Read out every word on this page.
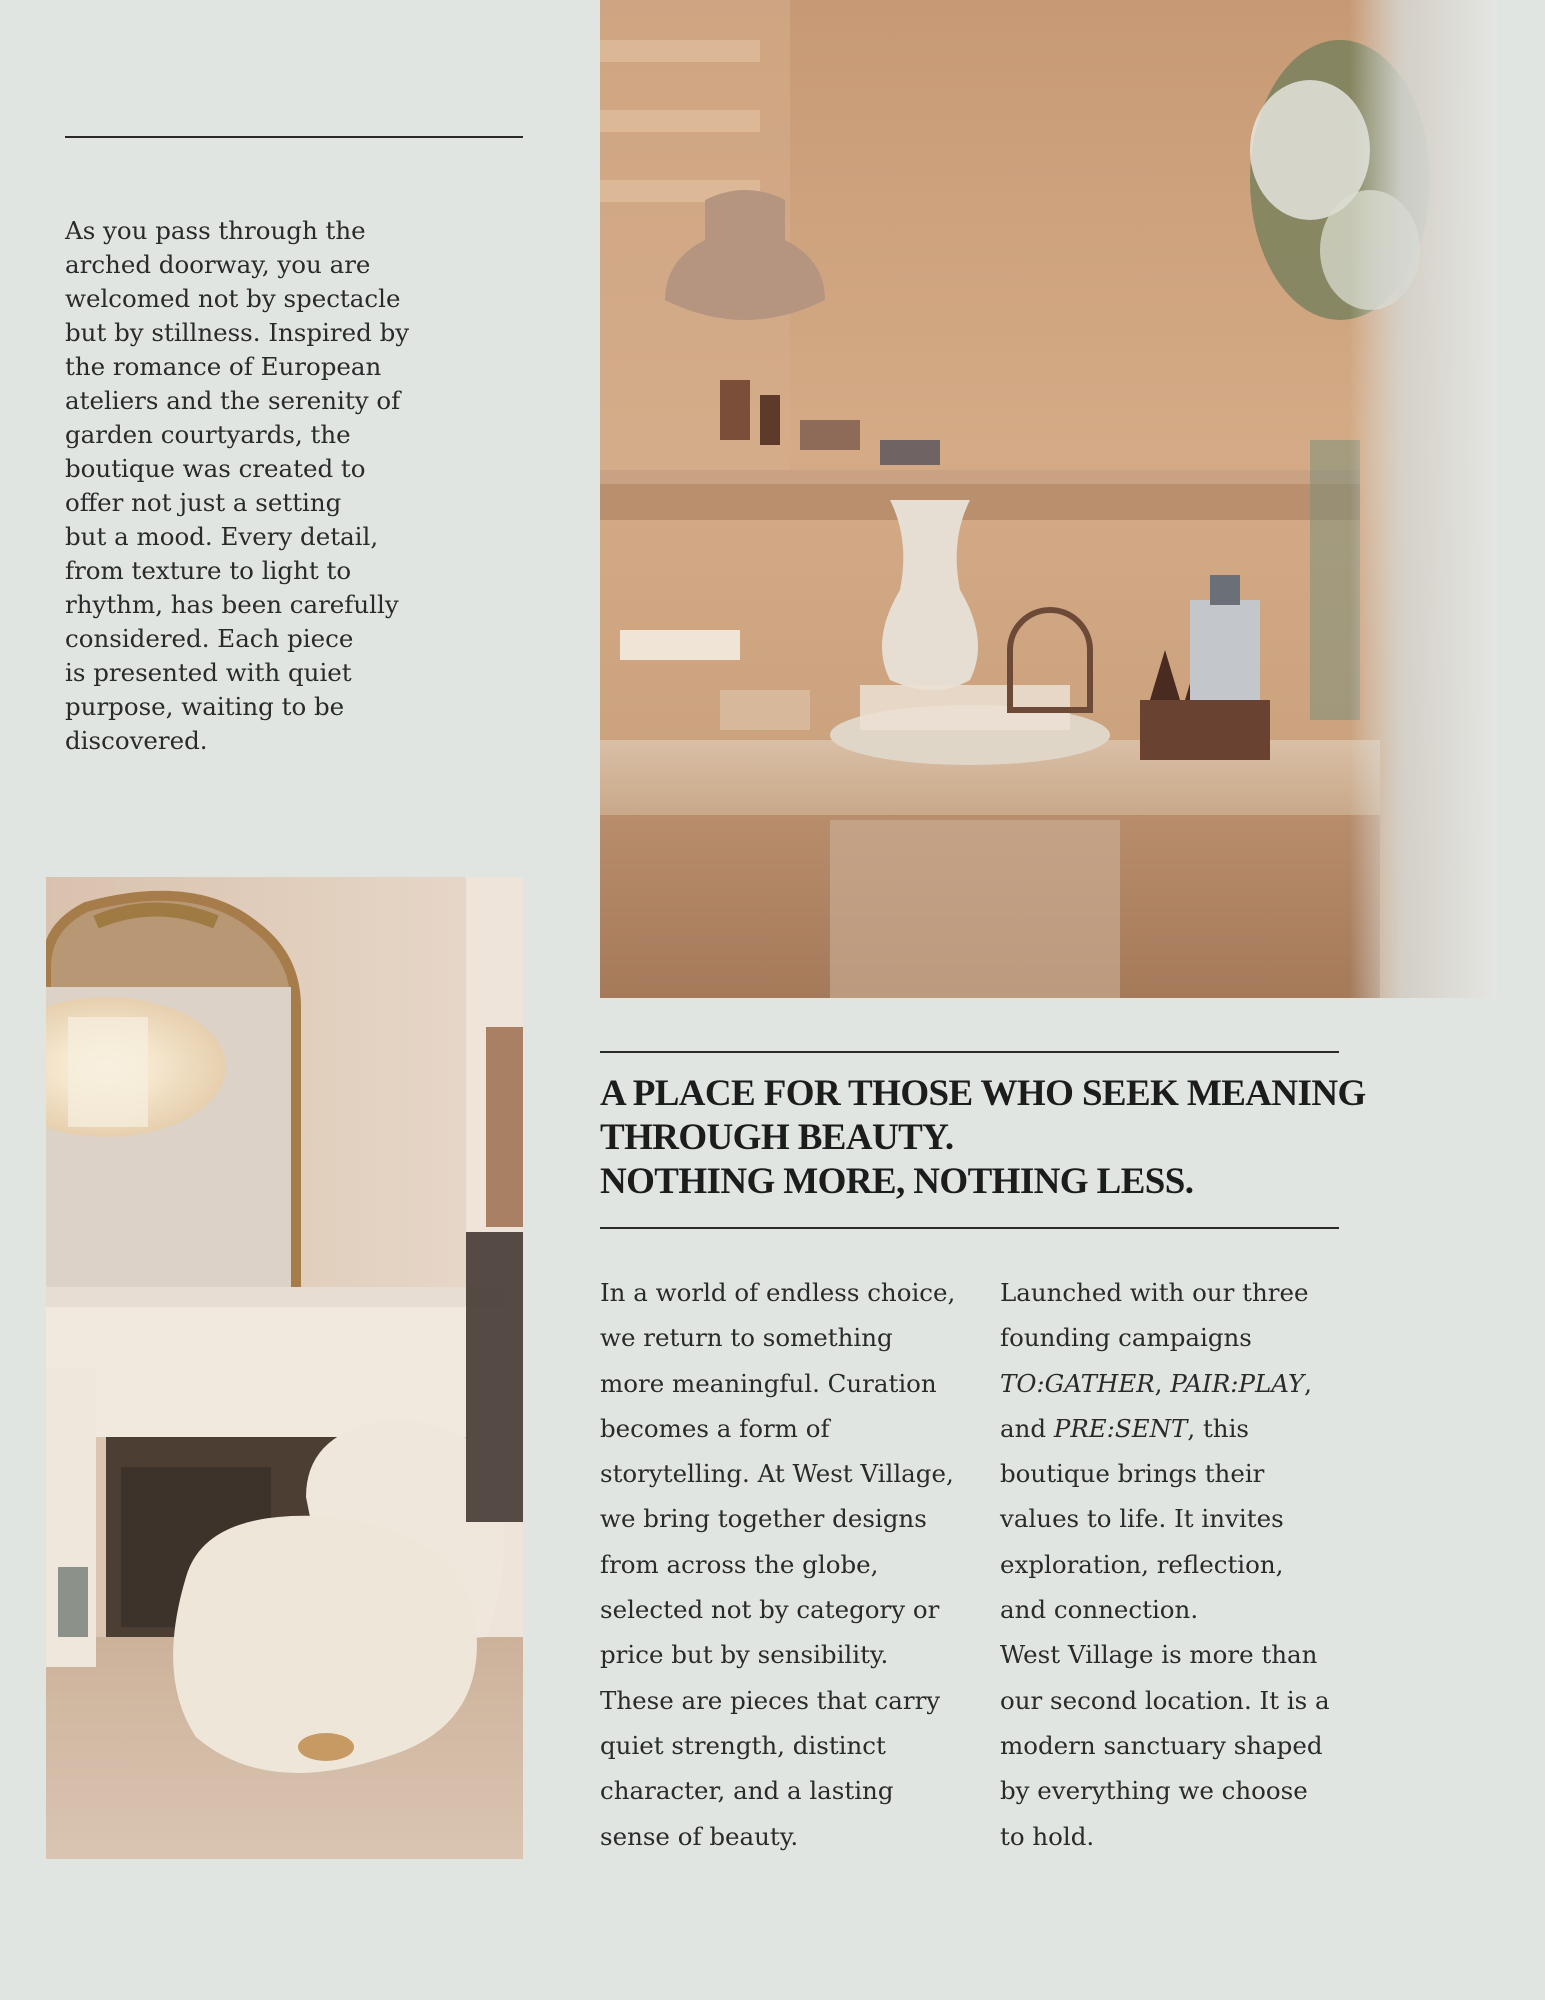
As you pass through the
arched doorway, you are
welcomed not by spectacle
but by stillness. Inspired by
the romance of European
ateliers and the serenity of
garden courtyards, the
boutique was created to
offer not just a setting
but a mood. Every detail,
from texture to light to
rhythm, has been carefully
considered. Each piece
is presented with quiet
purpose, waiting to be
discovered.

A PLACE FOR THOSE WHO SEEK MEANING
THROUGH BEAUTY.
NOTHING MORE, NOTHING LESS.

In a world of endless choice,
we return to something
more meaningful. Curation
becomes a form of
storytelling. At West Village,
we bring together designs
from across the globe,
selected not by category or
price but by sensibility.
These are pieces that carry
quiet strength, distinct
character, and a lasting
sense of beauty.

Launched with our three
founding campaigns
TO:GATHER, PAIR:PLAY,
and PRE:SENT, this
boutique brings their
values to life. It invites
exploration, reflection,
and connection.
West Village is more than
our second location. It is a
modern sanctuary shaped
by everything we choose
to hold.
